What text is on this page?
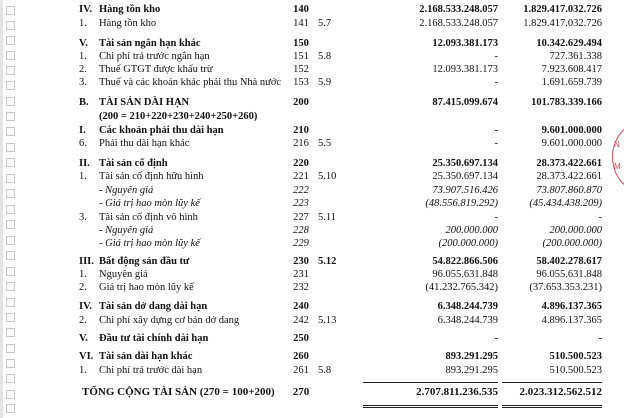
N
M
IV. Hàng tồn kho	140	2.168.533.248.057	1.829.417.032.726
1. Hàng tồn kho	141 5.7	2.168.533.248.057	1.829.417.032.726
V. Tài sản ngắn hạn khác	150	12.093.381.173	10.342.629.494
1. Chi phí trả trước ngắn hạn	151 5.8	-	727.361.338
2. Thuế GTGT được khấu trừ	152	12.093.381.173	7.923.608.417
3. Thuế và các khoản khác phải thu Nhà nước	153 5.9	-	1.691.659.739
B. TÀI SẢN DÀI HẠN	200	87.415.099.674	101.783.339.166
(200 = 210+220+230+240+250+260)
I. Các khoản phải thu dài hạn	210	-	9.601.000.000
6. Phải thu dài hạn khác	216 5.5	-	9.601.000.000
II. Tài sản cố định	220	25.350.697.134	28.373.422.661
1. Tài sản cố định hữu hình	221 5.10	25.350.697.134	28.373.422.661
- Nguyên giá	222	73.907.516.426	73.807.860.870
- Giá trị hao mòn lũy kế	223	(48.556.819.292)	(45.434.438.209)
3. Tài sản cố định vô hình	227 5.11	-	-
- Nguyên giá	228	200.000.000	200.000.000
- Giá trị hao mòn lũy kế	229	(200.000.000)	(200.000.000)
III. Bất động sản đầu tư	230 5.12	54.822.866.506	58.402.278.617
1. Nguyên giá	231	96.055.631.848	96.055.631.848
2. Giá trị hao mòn lũy kế	232	(41.232.765.342)	(37.653.353.231)
IV. Tài sản dở dang dài hạn	240	6.348.244.739	4.896.137.365
2. Chi phí xây dựng cơ bản dở dang	242 5.13	6.348.244.739	4.896.137.365
V. Đầu tư tài chính dài hạn	250	-	-
VI. Tài sản dài hạn khác	260	893.291.295	510.500.523
1. Chi phí trả trước dài hạn	261 5.8	893.291.295	510.500.523
TỔNG CỘNG TÀI SẢN (270 = 100+200)	270	2.707.811.236.535	2.023.312.562.512
